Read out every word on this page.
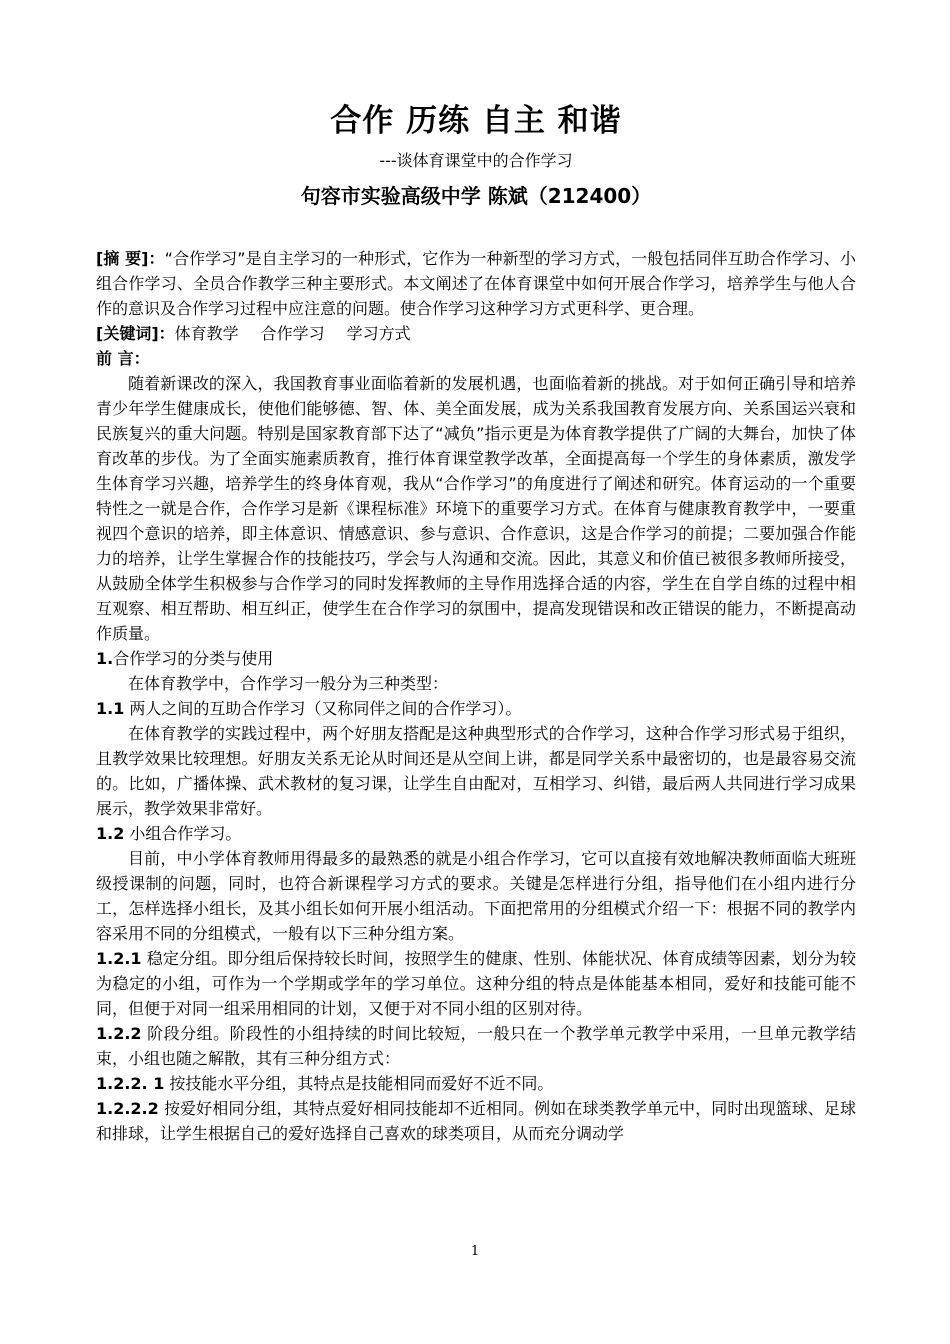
合作 历练 自主 和谐
---谈体育课堂中的合作学习
句容市实验高级中学 陈斌（212400）

[摘 要]：“合作学习”是自主学习的一种形式，它作为一种新型的学习方式，一般包括同伴互助合作学习、小组合作学习、全员合作教学三种主要形式。本文阐述了在体育课堂中如何开展合作学习，培养学生与他人合作的意识及合作学习过程中应注意的问题。使合作学习这种学习方式更科学、更合理。

[关键词]：体育教学 合作学习 学习方式

前 言：

随着新课改的深入，我国教育事业面临着新的发展机遇，也面临着新的挑战。对于如何正确引导和培养青少年学生健康成长，使他们能够德、智、体、美全面发展，成为关系我国教育发展方向、关系国运兴衰和民族复兴的重大问题。特别是国家教育部下达了“减负”指示更是为体育教学提供了广阔的大舞台，加快了体育改革的步伐。为了全面实施素质教育，推行体育课堂教学改革，全面提高每一个学生的身体素质，激发学生体育学习兴趣，培养学生的终身体育观，我从“合作学习”的角度进行了阐述和研究。体育运动的一个重要特性之一就是合作，合作学习是新《课程标准》环境下的重要学习方式。在体育与健康教育教学中，一要重视四个意识的培养，即主体意识、情感意识、参与意识、合作意识，这是合作学习的前提；二要加强合作能力的培养，让学生掌握合作的技能技巧，学会与人沟通和交流。因此，其意义和价值已被很多教师所接受，从鼓励全体学生积极参与合作学习的同时发挥教师的主导作用选择合适的内容，学生在自学自练的过程中相互观察、相互帮助、相互纠正，使学生在合作学习的氛围中，提高发现错误和改正错误的能力，不断提高动作质量。

1.合作学习的分类与使用

在体育教学中，合作学习一般分为三种类型：

1.1 两人之间的互助合作学习（又称同伴之间的合作学习）。

在体育教学的实践过程中，两个好朋友搭配是这种典型形式的合作学习，这种合作学习形式易于组织，且教学效果比较理想。好朋友关系无论从时间还是从空间上讲，都是同学关系中最密切的，也是最容易交流的。比如，广播体操、武术教材的复习课，让学生自由配对，互相学习、纠错，最后两人共同进行学习成果展示，教学效果非常好。

1.2 小组合作学习。

目前，中小学体育教师用得最多的最熟悉的就是小组合作学习，它可以直接有效地解决教师面临大班班级授课制的问题，同时，也符合新课程学习方式的要求。关键是怎样进行分组，指导他们在小组内进行分工，怎样选择小组长，及其小组长如何开展小组活动。下面把常用的分组模式介绍一下：根据不同的教学内容采用不同的分组模式，一般有以下三种分组方案。

1.2.1 稳定分组。即分组后保持较长时间，按照学生的健康、性别、体能状况、体育成绩等因素，划分为较为稳定的小组，可作为一个学期或学年的学习单位。这种分组的特点是体能基本相同，爱好和技能可能不同，但便于对同一组采用相同的计划，又便于对不同小组的区别对待。

1.2.2 阶段分组。阶段性的小组持续的时间比较短，一般只在一个教学单元教学中采用，一旦单元教学结束，小组也随之解散，其有三种分组方式：

1.2.2. 1 按技能水平分组，其特点是技能相同而爱好不近不同。

1.2.2.2 按爱好相同分组，其特点爱好相同技能却不近相同。例如在球类教学单元中，同时出现篮球、足球和排球，让学生根据自己的爱好选择自己喜欢的球类项目，从而充分调动学

1
